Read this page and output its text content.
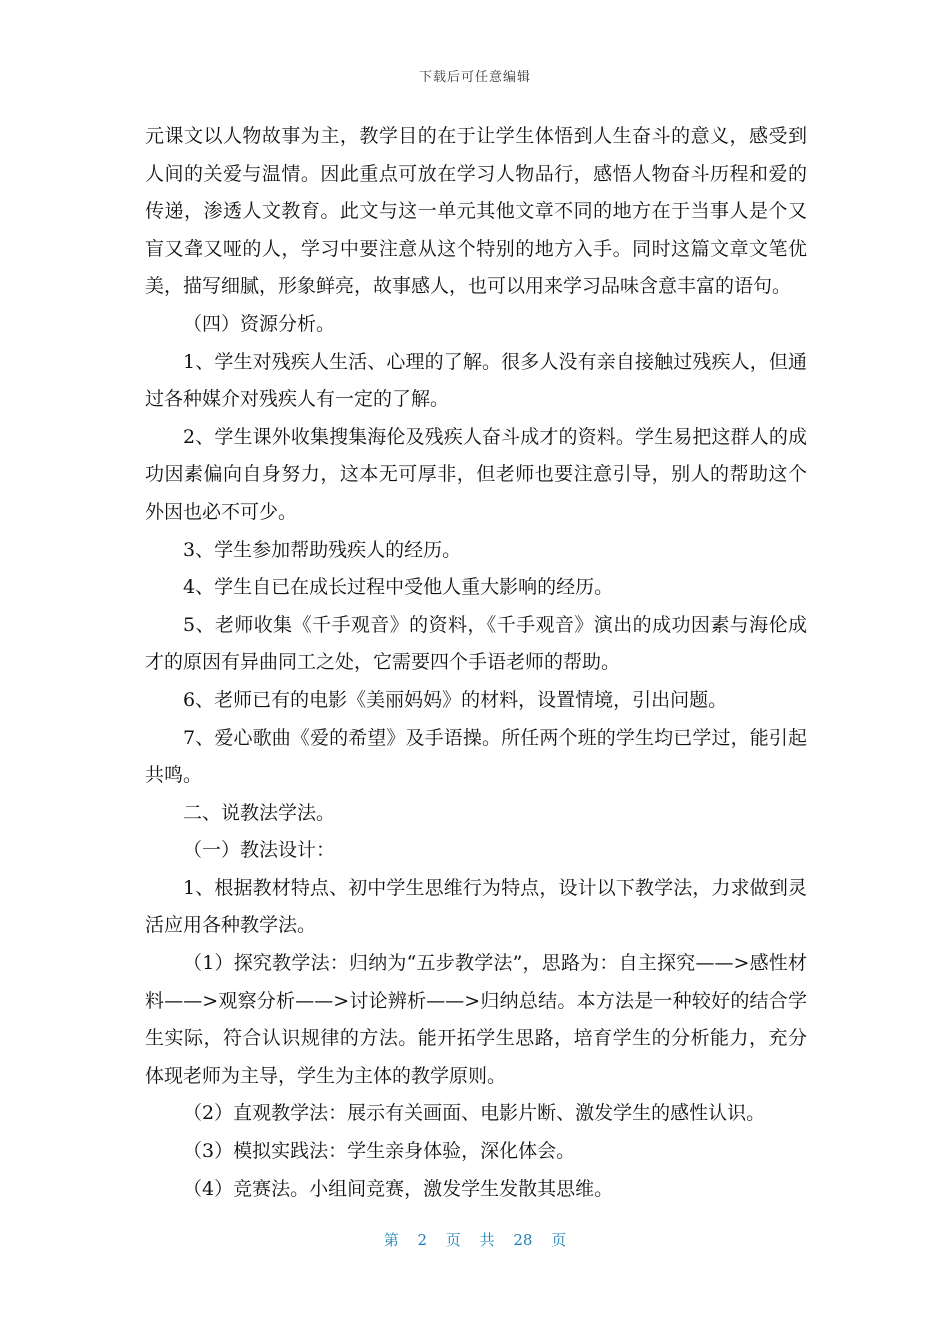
下载后可任意编辑

元课文以人物故事为主，教学目的在于让学生体悟到人生奋斗的意义，感受到人间的关爱与温情。因此重点可放在学习人物品行，感悟人物奋斗历程和爱的传递，渗透人文教育。此文与这一单元其他文章不同的地方在于当事人是个又盲又聋又哑的人，学习中要注意从这个特别的地方入手。同时这篇文章文笔优美，描写细腻，形象鲜亮，故事感人，也可以用来学习品味含意丰富的语句。

（四）资源分析。

1、学生对残疾人生活、心理的了解。很多人没有亲自接触过残疾人，但通过各种媒介对残疾人有一定的了解。

2、学生课外收集搜集海伦及残疾人奋斗成才的资料。学生易把这群人的成功因素偏向自身努力，这本无可厚非，但老师也要注意引导，别人的帮助这个外因也必不可少。

3、学生参加帮助残疾人的经历。

4、学生自已在成长过程中受他人重大影响的经历。

5、老师收集《千手观音》的资料，《千手观音》演出的成功因素与海伦成才的原因有异曲同工之处，它需要四个手语老师的帮助。

6、老师已有的电影《美丽妈妈》的材料，设置情境，引出问题。

7、爱心歌曲《爱的希望》及手语操。所任两个班的学生均已学过，能引起共鸣。

二、说教法学法。

（一）教法设计：

1、根据教材特点、初中学生思维行为特点，设计以下教学法，力求做到灵活应用各种教学法。

（1）探究教学法：归纳为“五步教学法”，思路为：自主探究——>感性材料——>观察分析——>讨论辨析——>归纳总结。本方法是一种较好的结合学生实际，符合认识规律的方法。能开拓学生思路，培育学生的分析能力，充分体现老师为主导，学生为主体的教学原则。

（2）直观教学法：展示有关画面、电影片断、激发学生的感性认识。

（3）模拟实践法：学生亲身体验，深化体会。

（4）竞赛法。小组间竞赛，激发学生发散其思维。

第 2 页 共 28 页
